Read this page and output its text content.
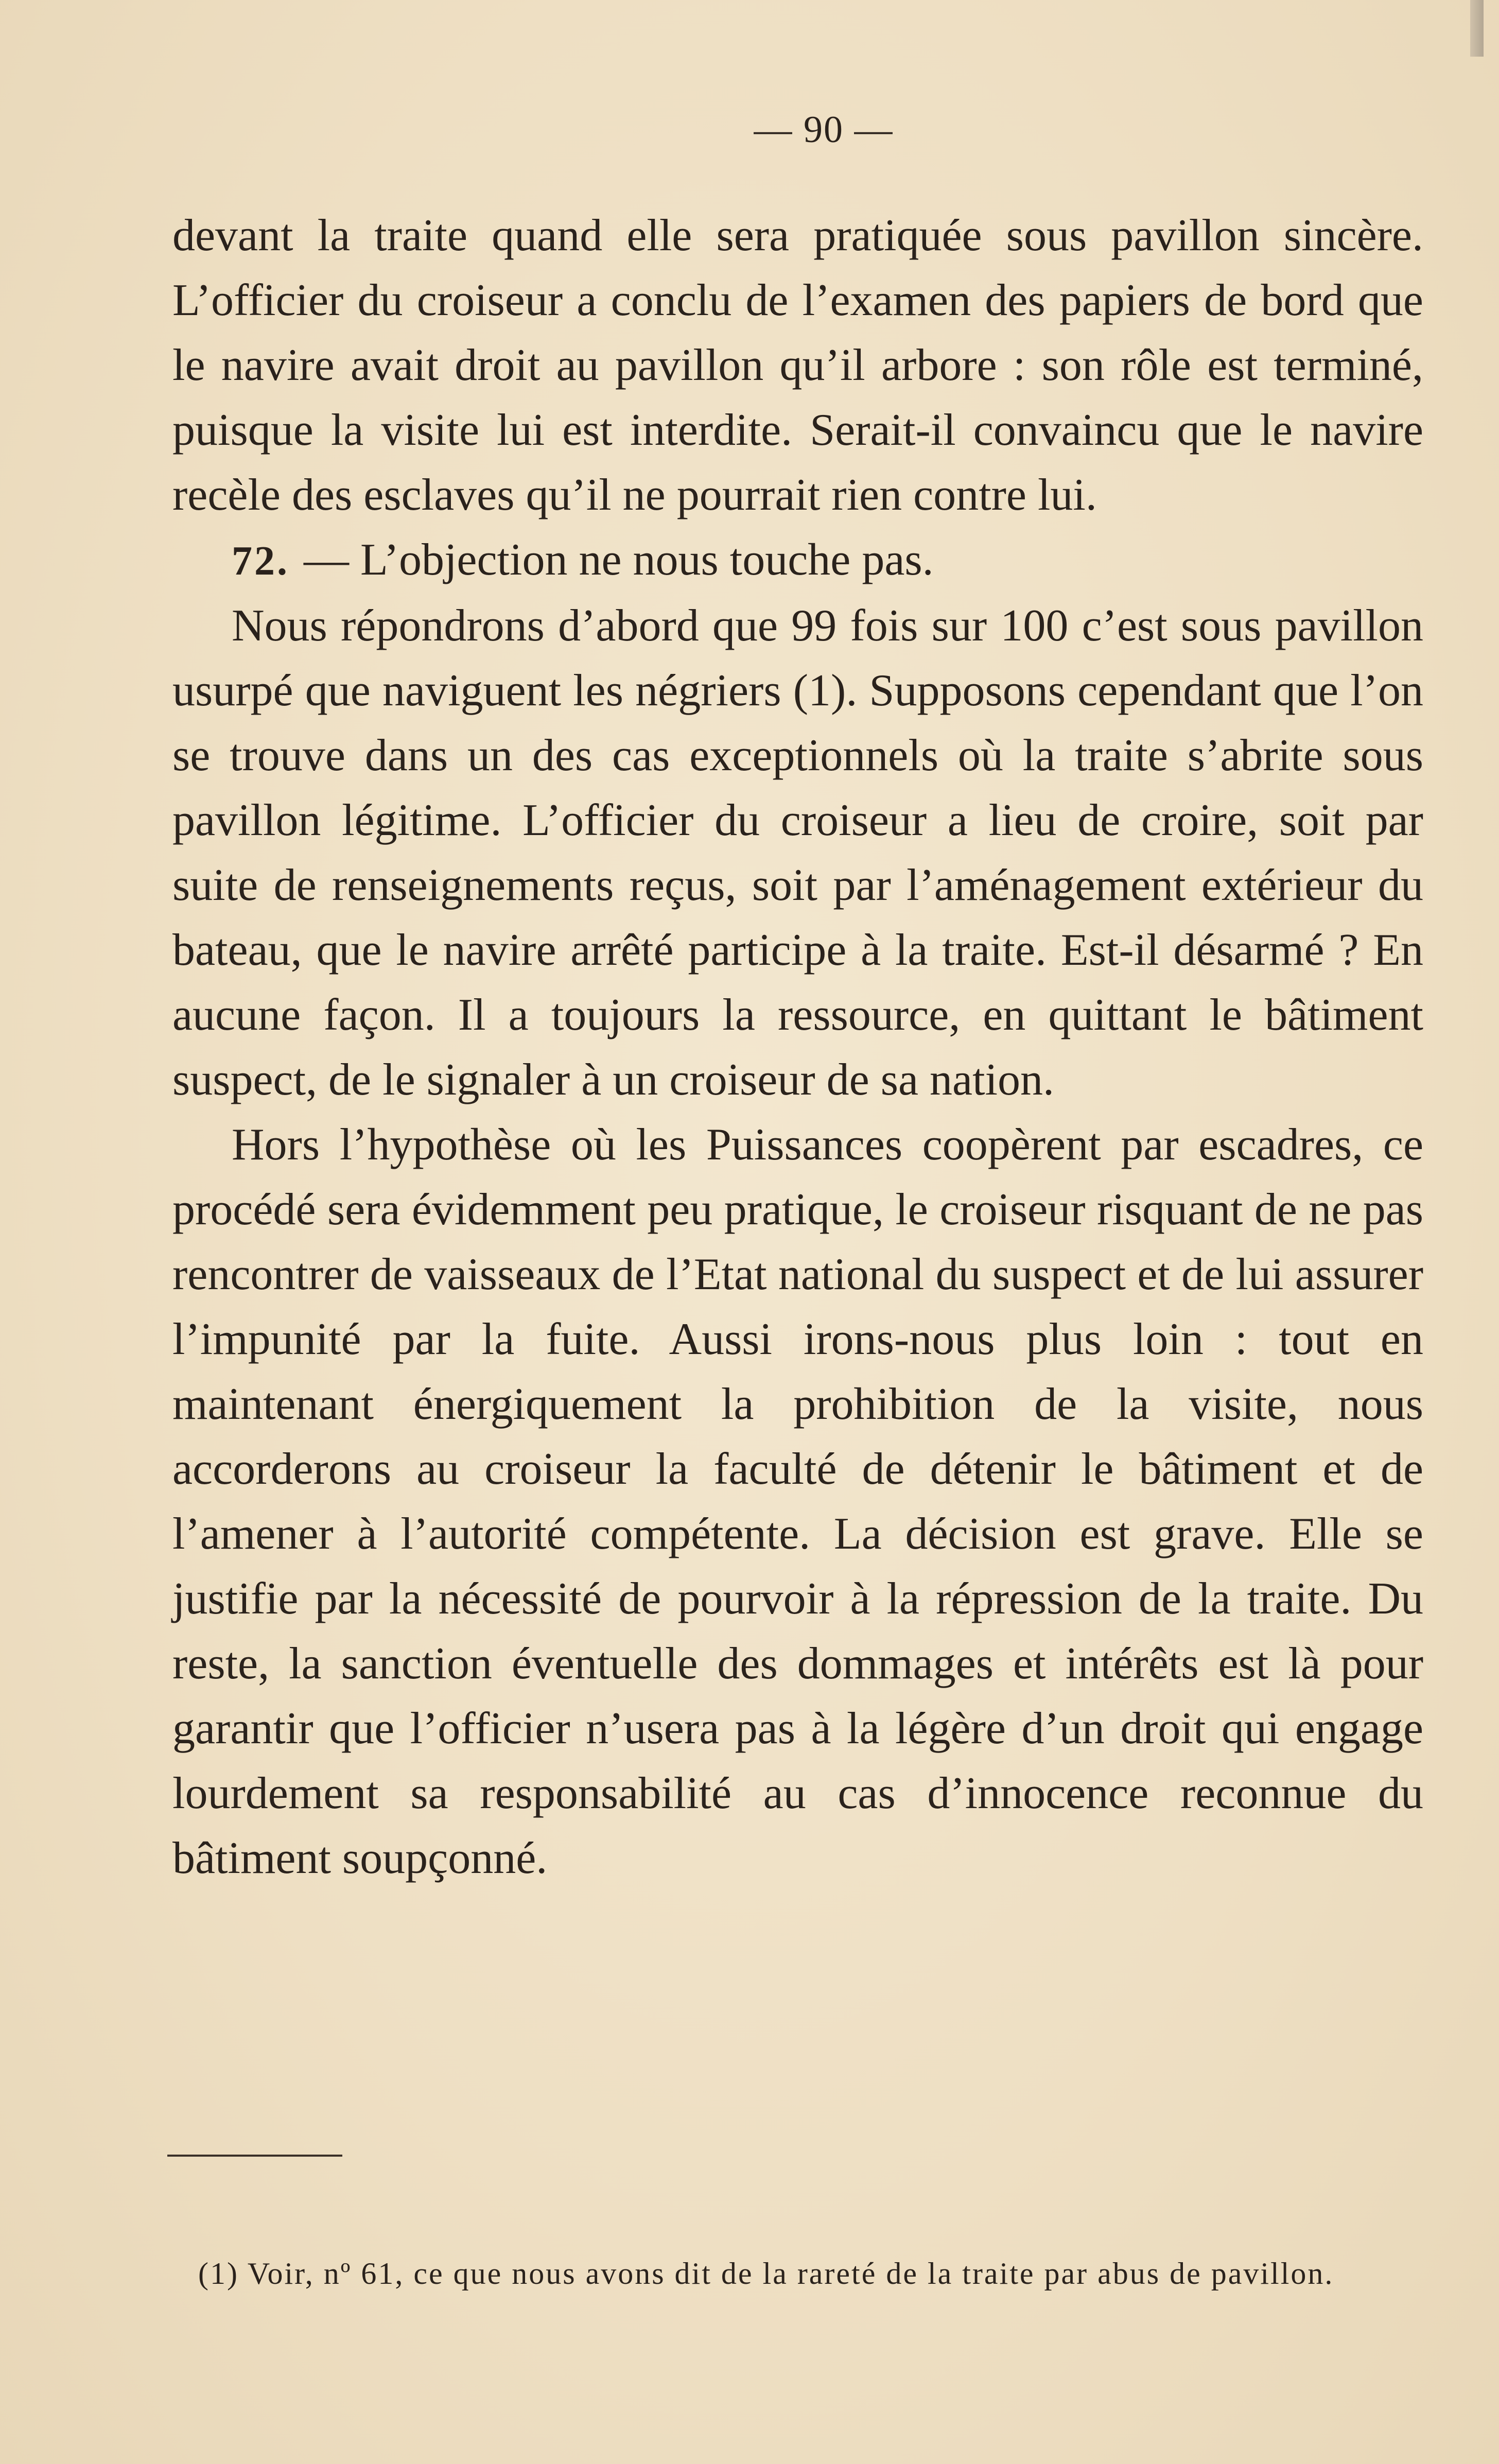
— 90 —

devant la traite quand elle sera pratiquée sous pavillon sincère. L’officier du croiseur a conclu de l’examen des papiers de bord que le navire avait droit au pavillon qu’il arbore : son rôle est terminé, puisque la visite lui est interdite. Serait-il convaincu que le navire recèle des esclaves qu’il ne pourrait rien contre lui.

72. — L’objection ne nous touche pas.

Nous répondrons d’abord que 99 fois sur 100 c’est sous pavillon usurpé que naviguent les négriers (1). Supposons cependant que l’on se trouve dans un des cas exceptionnels où la traite s’abrite sous pavillon légitime. L’officier du croiseur a lieu de croire, soit par suite de renseignements reçus, soit par l’aménagement extérieur du bateau, que le navire arrêté participe à la traite. Est-il désarmé ? En aucune façon. Il a toujours la ressource, en quittant le bâtiment suspect, de le signaler à un croiseur de sa nation.

Hors l’hypothèse où les Puissances coopèrent par escadres, ce procédé sera évidemment peu pratique, le croiseur risquant de ne pas rencontrer de vaisseaux de l’Etat national du suspect et de lui assurer l’impunité par la fuite. Aussi irons-nous plus loin : tout en maintenant énergiquement la prohibition de la visite, nous accorderons au croiseur la faculté de détenir le bâtiment et de l’amener à l’autorité compétente. La décision est grave. Elle se justifie par la nécessité de pourvoir à la répression de la traite. Du reste, la sanction éventuelle des dommages et intérêts est là pour garantir que l’officier n’usera pas à la légère d’un droit qui engage lourdement sa responsabilité au cas d’innocence reconnue du bâtiment soupçonné.

(1) Voir, nº 61, ce que nous avons dit de la rareté de la traite par abus de pavillon.
